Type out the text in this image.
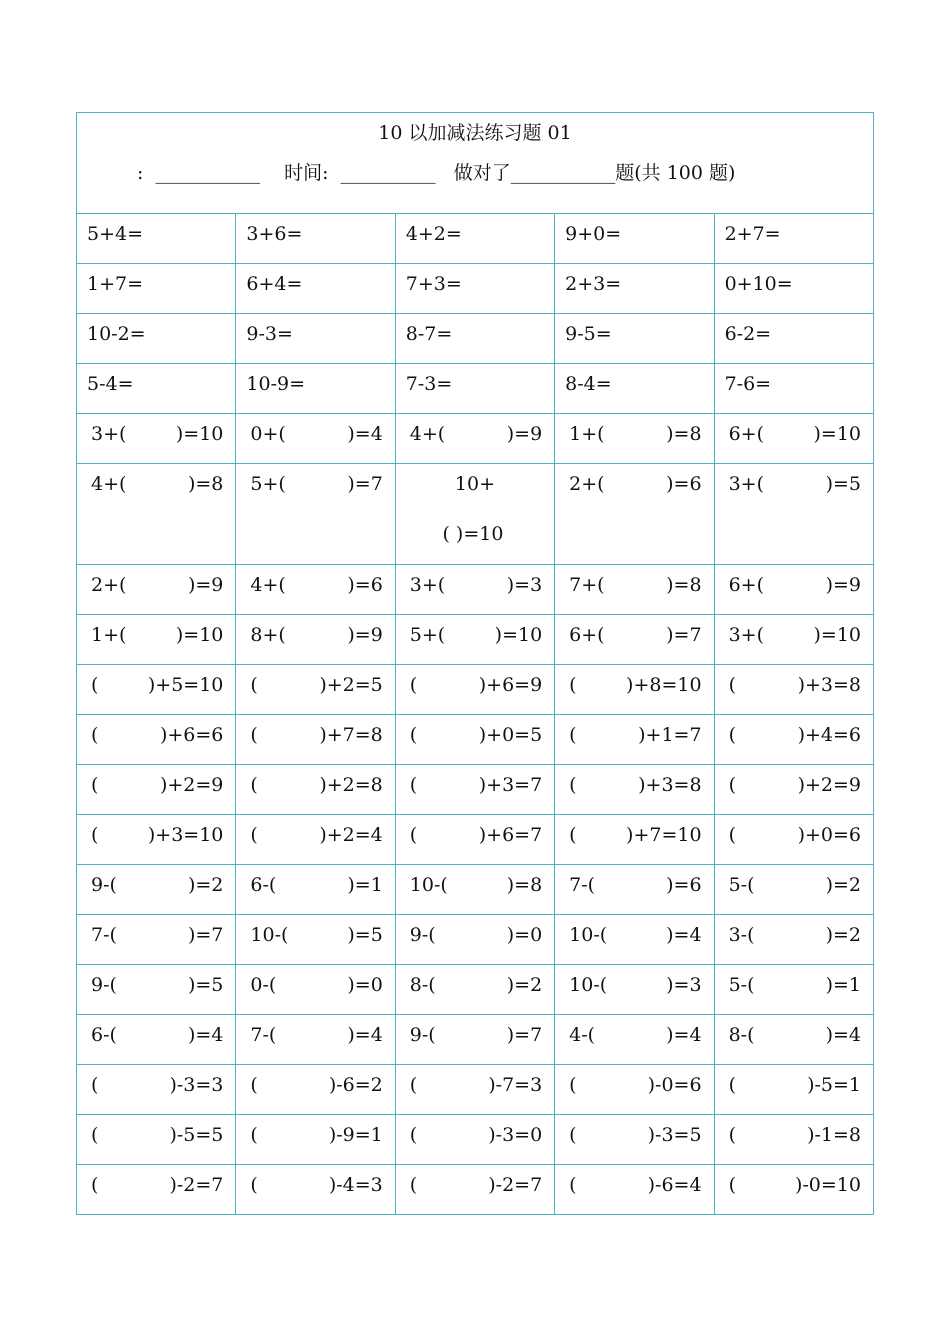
10 以加减法练习题 01
:  ___________    时间:  __________   做对了___________题(共 100 题)				

5+4=	3+6=	4+2=	9+0=	2+7=

1+7=	6+4=	7+3=	2+3=	0+10=

10-2=	9-3=	8-7=	9-5=	6-2=

5-4=	10-9=	7-3=	8-4=	7-6=

3+( )=10	0+( )=4	4+( )=9	1+( )=8	6+( )=10

4+( )=8	5+( )=7	10+
( )=10	2+( )=6	3+( )=5

2+( )=9	4+( )=6	3+( )=3	7+( )=8	6+( )=9

1+( )=10	8+( )=9	5+( )=10	6+( )=7	3+( )=10

( )+5=10	( )+2=5	( )+6=9	( )+8=10	( )+3=8

( )+6=6	( )+7=8	( )+0=5	( )+1=7	( )+4=6

( )+2=9	( )+2=8	( )+3=7	( )+3=8	( )+2=9

( )+3=10	( )+2=4	( )+6=7	( )+7=10	( )+0=6

9-( )=2	6-( )=1	10-( )=8	7-( )=6	5-( )=2

7-( )=7	10-( )=5	9-( )=0	10-( )=4	3-( )=2

9-( )=5	0-( )=0	8-( )=2	10-( )=3	5-( )=1

6-( )=4	7-( )=4	9-( )=7	4-( )=4	8-( )=4

( )-3=3	( )-6=2	( )-7=3	( )-0=6	( )-5=1

( )-5=5	( )-9=1	( )-3=0	( )-3=5	( )-1=8

( )-2=7	( )-4=3	( )-2=7	( )-6=4	( )-0=10
